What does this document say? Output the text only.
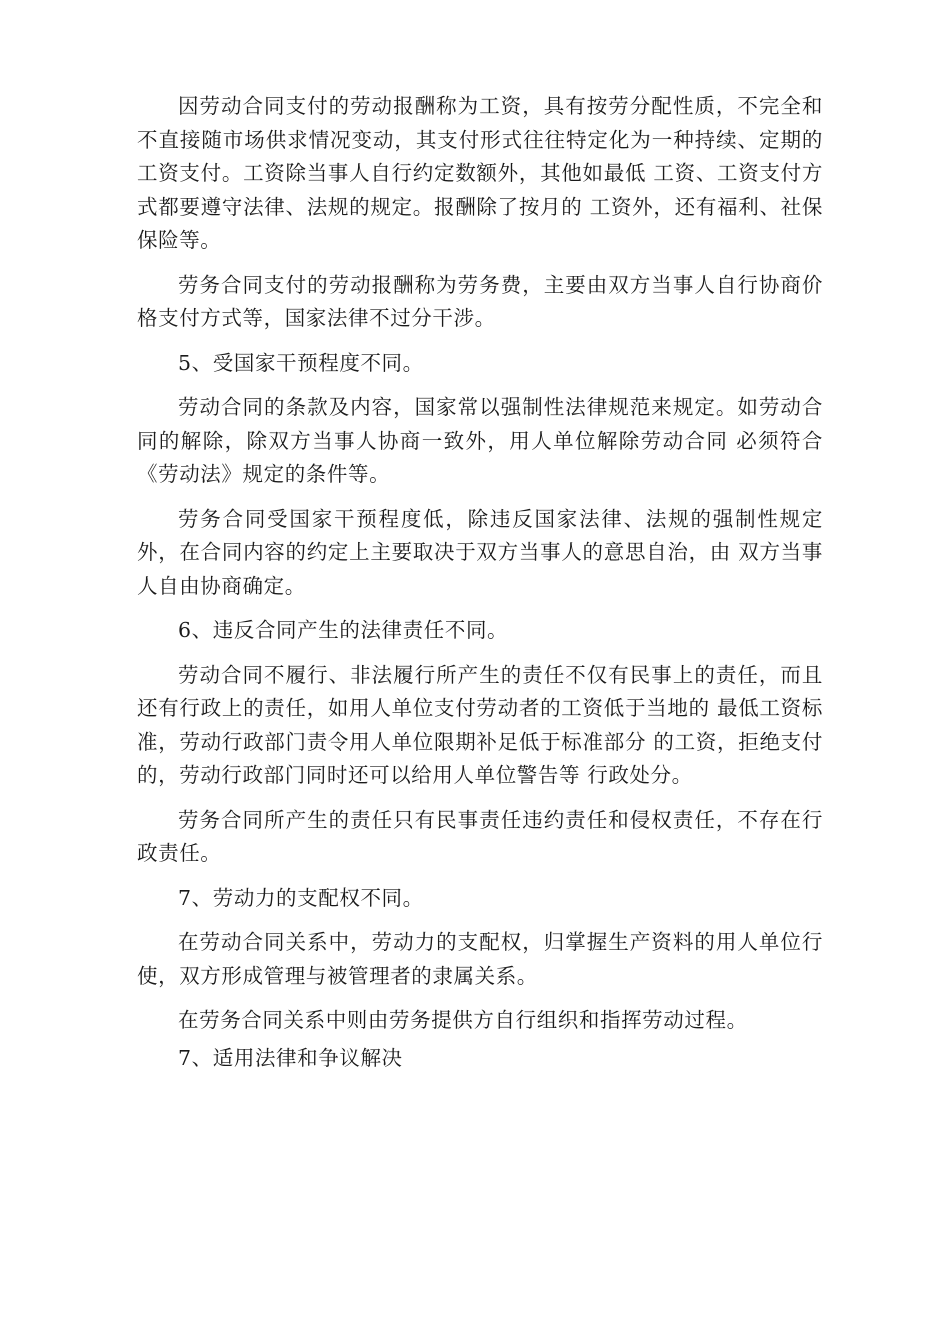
因劳动合同支付的劳动报酬称为工资，具有按劳分配性质，不完全和不直接随市场供求情况变动，其支付形式往往特定化为一种持续、定期的工资支付。工资除当事人自行约定数额外，其他如最低 工资、工资支付方式都要遵守法律、法规的规定。报酬除了按月的 工资外，还有福利、社保保险等。

劳务合同支付的劳动报酬称为劳务费，主要由双方当事人自行协商价格支付方式等，国家法律不过分干涉。

5、受国家干预程度不同。

劳动合同的条款及内容，国家常以强制性法律规范来规定。如劳动合同的解除，除双方当事人协商一致外，用人单位解除劳动合同 必须符合《劳动法》规定的条件等。

劳务合同受国家干预程度低，除违反国家法律、法规的强制性规定外，在合同内容的约定上主要取决于双方当事人的意思自治，由 双方当事人自由协商确定。

6、违反合同产生的法律责任不同。

劳动合同不履行、非法履行所产生的责任不仅有民事上的责任，而且还有行政上的责任，如用人单位支付劳动者的工资低于当地的 最低工资标准，劳动行政部门责令用人单位限期补足低于标准部分 的工资，拒绝支付的，劳动行政部门同时还可以给用人单位警告等 行政处分。

劳务合同所产生的责任只有民事责任违约责任和侵权责任，不存在行政责任。

7、劳动力的支配权不同。

在劳动合同关系中，劳动力的支配权，归掌握生产资料的用人单位行使，双方形成管理与被管理者的隶属关系。

在劳务合同关系中则由劳务提供方自行组织和指挥劳动过程。

7、适用法律和争议解决
